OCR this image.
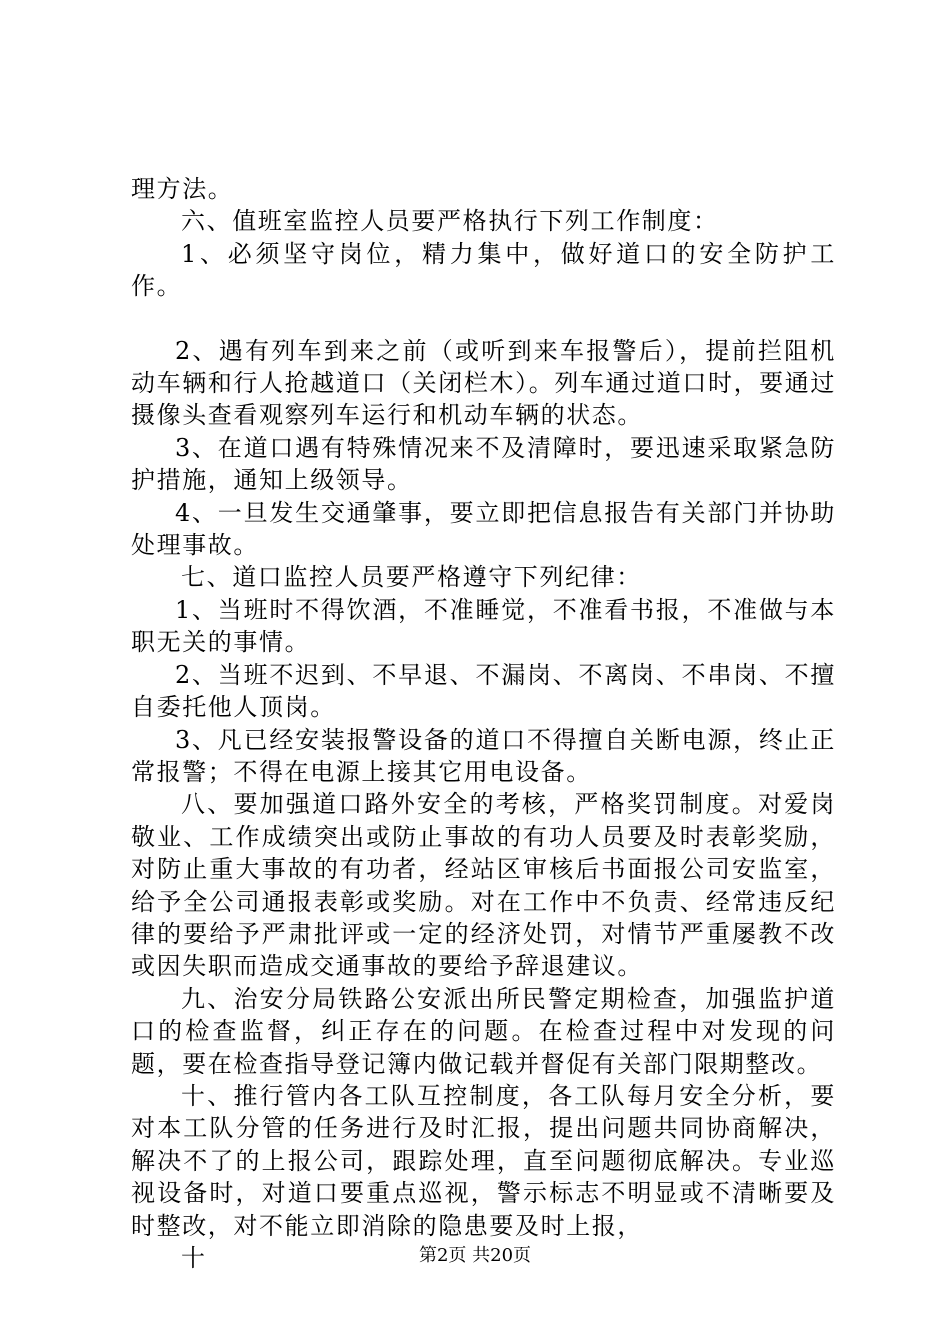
理方法。

六、值班室监控人员要严格执行下列工作制度：

1、必须坚守岗位，精力集中，做好道口的安全防护工作。

2、遇有列车到来之前（或听到来车报警后），提前拦阻机动车辆和行人抢越道口（关闭栏木）。列车通过道口时，要通过摄像头查看观察列车运行和机动车辆的状态。

3、在道口遇有特殊情况来不及清障时，要迅速采取紧急防护措施，通知上级领导。

4、一旦发生交通肇事，要立即把信息报告有关部门并协助处理事故。

七、道口监控人员要严格遵守下列纪律：

1、当班时不得饮酒，不准睡觉，不准看书报，不准做与本职无关的事情。

2、当班不迟到、不早退、不漏岗、不离岗、不串岗、不擅自委托他人顶岗。

3、凡已经安装报警设备的道口不得擅自关断电源，终止正常报警；不得在电源上接其它用电设备。

八、要加强道口路外安全的考核，严格奖罚制度。对爱岗敬业、工作成绩突出或防止事故的有功人员要及时表彰奖励，对防止重大事故的有功者，经站区审核后书面报公司安监室，给予全公司通报表彰或奖励。对在工作中不负责、经常违反纪律的要给予严肃批评或一定的经济处罚，对情节严重屡教不改或因失职而造成交通事故的要给予辞退建议。

九、治安分局铁路公安派出所民警定期检查，加强监护道口的检查监督，纠正存在的问题。在检查过程中对发现的问题，要在检查指导登记簿内做记载并督促有关部门限期整改。

十、推行管内各工队互控制度，各工队每月安全分析，要对本工队分管的任务进行及时汇报，提出问题共同协商解决，解决不了的上报公司，跟踪处理，直至问题彻底解决。专业巡视设备时，对道口要重点巡视，警示标志不明显或不清晰要及时整改，对不能立即消除的隐患要及时上报，

十	第2页 共20页
